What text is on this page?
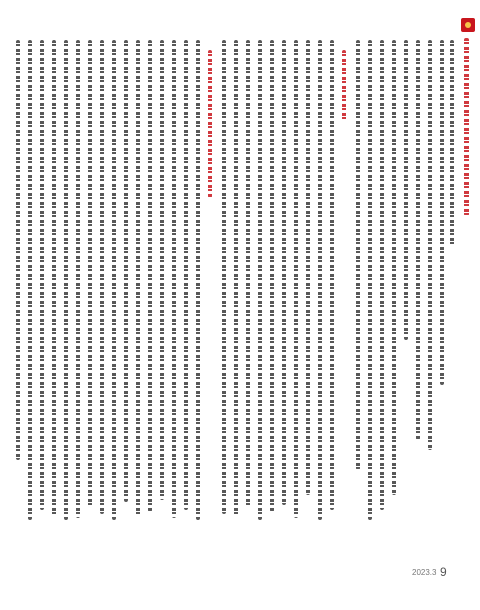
2023.3 9
